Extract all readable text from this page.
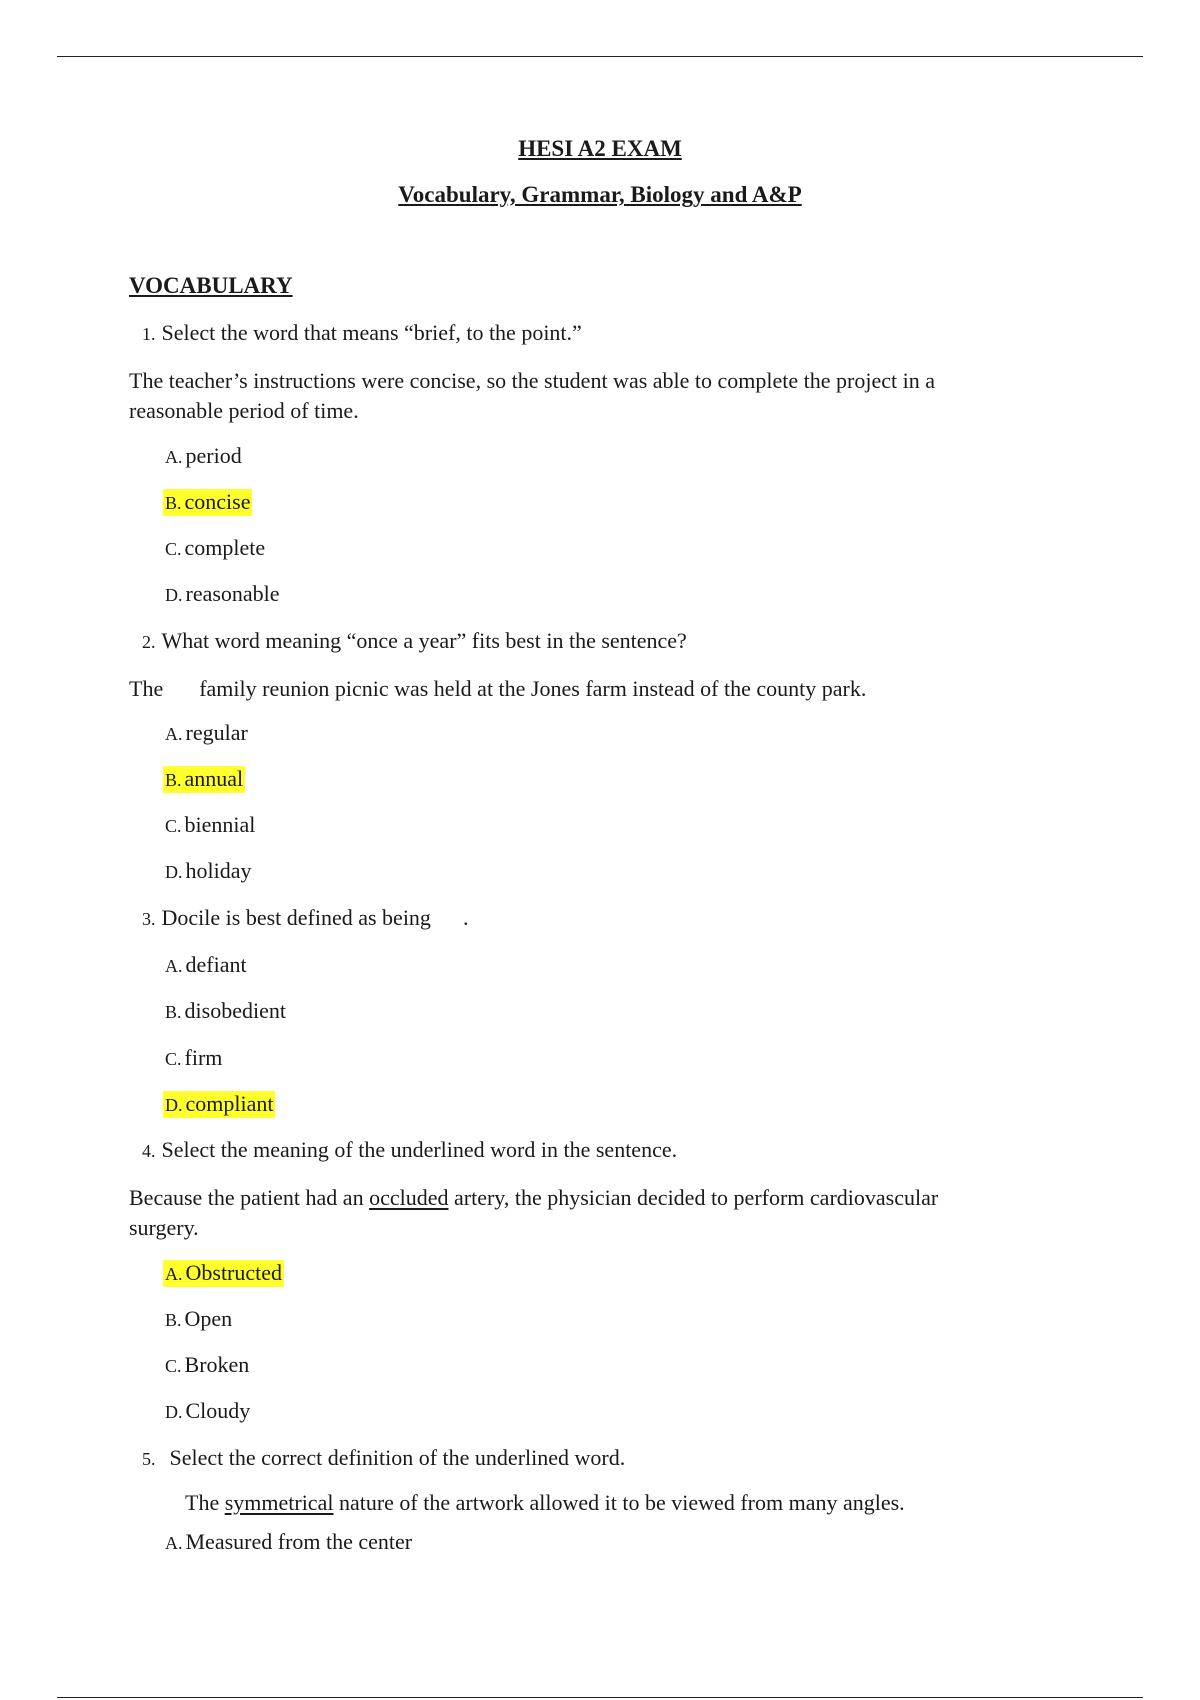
HESI A2 EXAM
Vocabulary, Grammar, Biology and A&P
VOCABULARY
1. Select the word that means “brief, to the point.”
The teacher’s instructions were concise, so the student was able to complete the project in a
reasonable period of time.
A. period
B. concise
C. complete
D. reasonable
2. What word meaning “once a year” fits best in the sentence?
The family reunion picnic was held at the Jones farm instead of the county park.
A. regular
B. annual
C. biennial
D. holiday
3. Docile is best defined as being .
A. defiant
B. disobedient
C. firm
D. compliant
4. Select the meaning of the underlined word in the sentence.
Because the patient had an occluded artery, the physician decided to perform cardiovascular
surgery.
A. Obstructed
B. Open
C. Broken
D. Cloudy
5. Select the correct definition of the underlined word.
The symmetrical nature of the artwork allowed it to be viewed from many angles.
A. Measured from the center
